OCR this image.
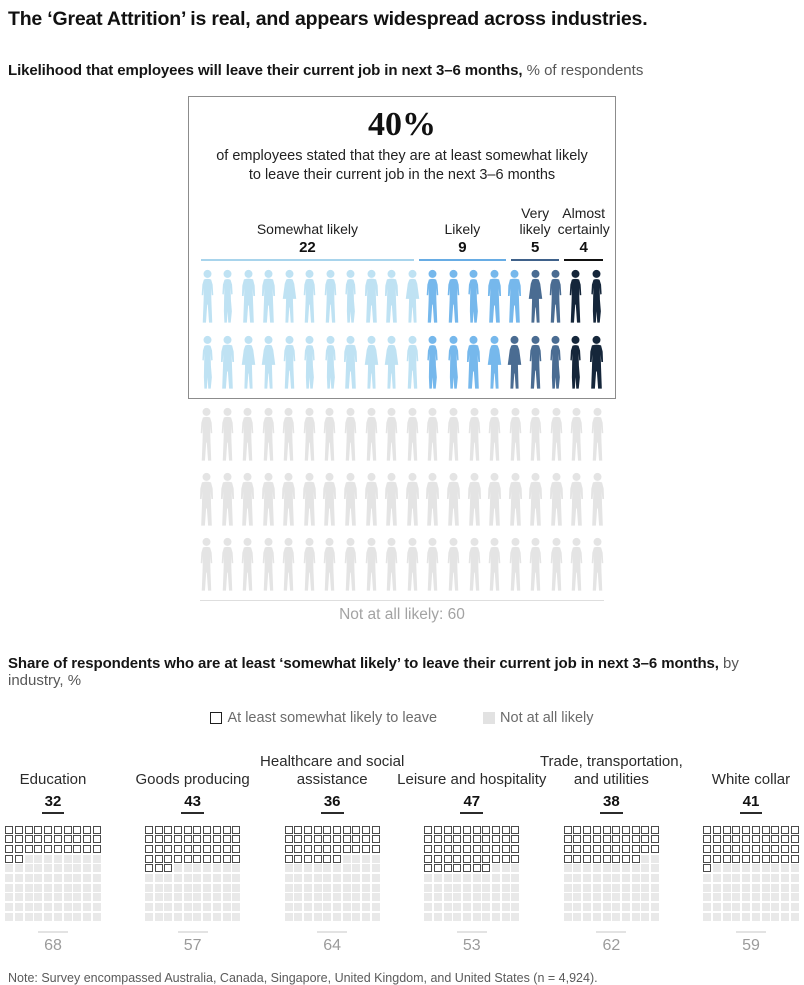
The ‘Great Attrition’ is real, and appears widespread across industries.

Likelihood that employees will leave their current job in next 3–6 months, % of respondents

40%
of employees stated that they are at least somewhat likely to leave their current job in the next 3–6 months
Somewhat likely
22
Likely
9
Very likely
5
Almost certainly
4
Not at all likely: 60

Share of respondents who are at least ‘somewhat likely’ to leave their current job in next 3–6 months, by industry, %

At least somewhat likely to leave	Not at all likely
Education
32
68
Goods producing
43
57
Healthcare and social assistance
36
64
Leisure and hospitality
47
53
Trade, transportation, and utilities
38
62
White collar
41
59

Note: Survey encompassed Australia, Canada, Singapore, United Kingdom, and United States (n = 4,924).
